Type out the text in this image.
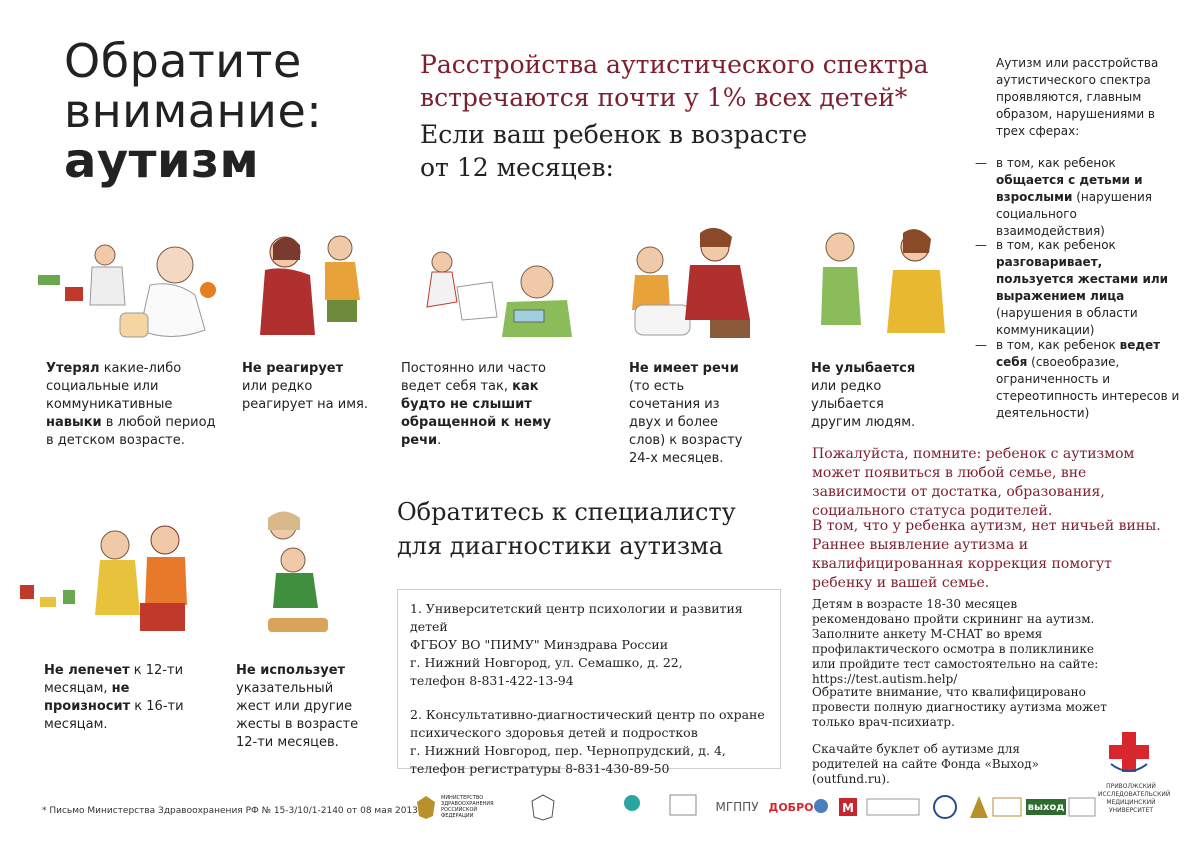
Обратите
внимание:
аутизм
Расстройства аутистического спектра
встречаются почти у 1% всех детей*
Если ваш ребенок в возрасте
от 12 месяцев:
Аутизм или расстройства аутистического спектра проявляются, главным образом, нарушениями в трех сферах:
— в том, как ребенок общается с детьми и взрослыми (нарушения социального взаимодействия)
— в том, как ребенок разговаривает, пользуется жестами или выражением лица (нарушения в области коммуникации)
— в том, как ребенок ведет себя (своеобразие, ограниченность и стереотипность интересов и деятельности)
Утерял какие-либо социальные или коммуникативные навыки в любой период в детском возрасте.
Не реагирует или редко реагирует на имя.
Постоянно или часто ведет себя так, как будто не слышит обращенной к нему речи.
Не имеет речи (то есть сочетания из двух и более слов) к возрасту 24-х месяцев.
Не улыбается или редко улыбается другим людям.
Не лепечет к 12-ти месяцам, не произносит к 16-ти месяцам.
Не использует указательный жест или другие жесты в возрасте 12-ти месяцев.
Пожалуйста, помните: ребенок с аутизмом может появиться в любой семье, вне зависимости от достатка, образования, социального статуса родителей.
В том, что у ребенка аутизм, нет ничьей вины. Раннее выявление аутизма и квалифицированная коррекция помогут ребенку и вашей семье.
Обратитесь к специалисту
для диагностики аутизма
1. Университетский центр психологии и развития детей
ФГБОУ ВО "ПИМУ" Минздрава России
г. Нижний Новгород, ул. Семашко, д. 22,
телефон 8-831-422-13-94
2. Консультативно-диагностический центр по охране
психического здоровья детей и подростков
г. Нижний Новгород, пер. Чернопрудский, д. 4,
телефон регистратуры 8-831-430-89-50
Детям в возрасте 18-30 месяцев рекомендовано пройти скрининг на аутизм. Заполните анкету M-CHAT во время профилактического осмотра в поликлинике или пройдите тест самостоятельно на сайте: https://test.autism.help/
Обратите внимание, что квалифицировано провести полную диагностику аутизма может только врач-психиатр.
Скачайте буклет об аутизме для родителей на сайте Фонда «Выход» (outfund.ru).
ПРИВОЛЖСКИЙ ИССЛЕДОВАТЕЛЬСКИЙ МЕДИЦИНСКИЙ УНИВЕРСИТЕТ
* Письмо Министерства Здравоохранения РФ № 15-3/10/1-2140 от 08 мая 2013
МИНИСТЕРСТВО ЗДРАВООХРАНЕНИЯ РОССИЙСКОЙ ФЕДЕРАЦИИ
МГППУ ДОБРО M	выход
